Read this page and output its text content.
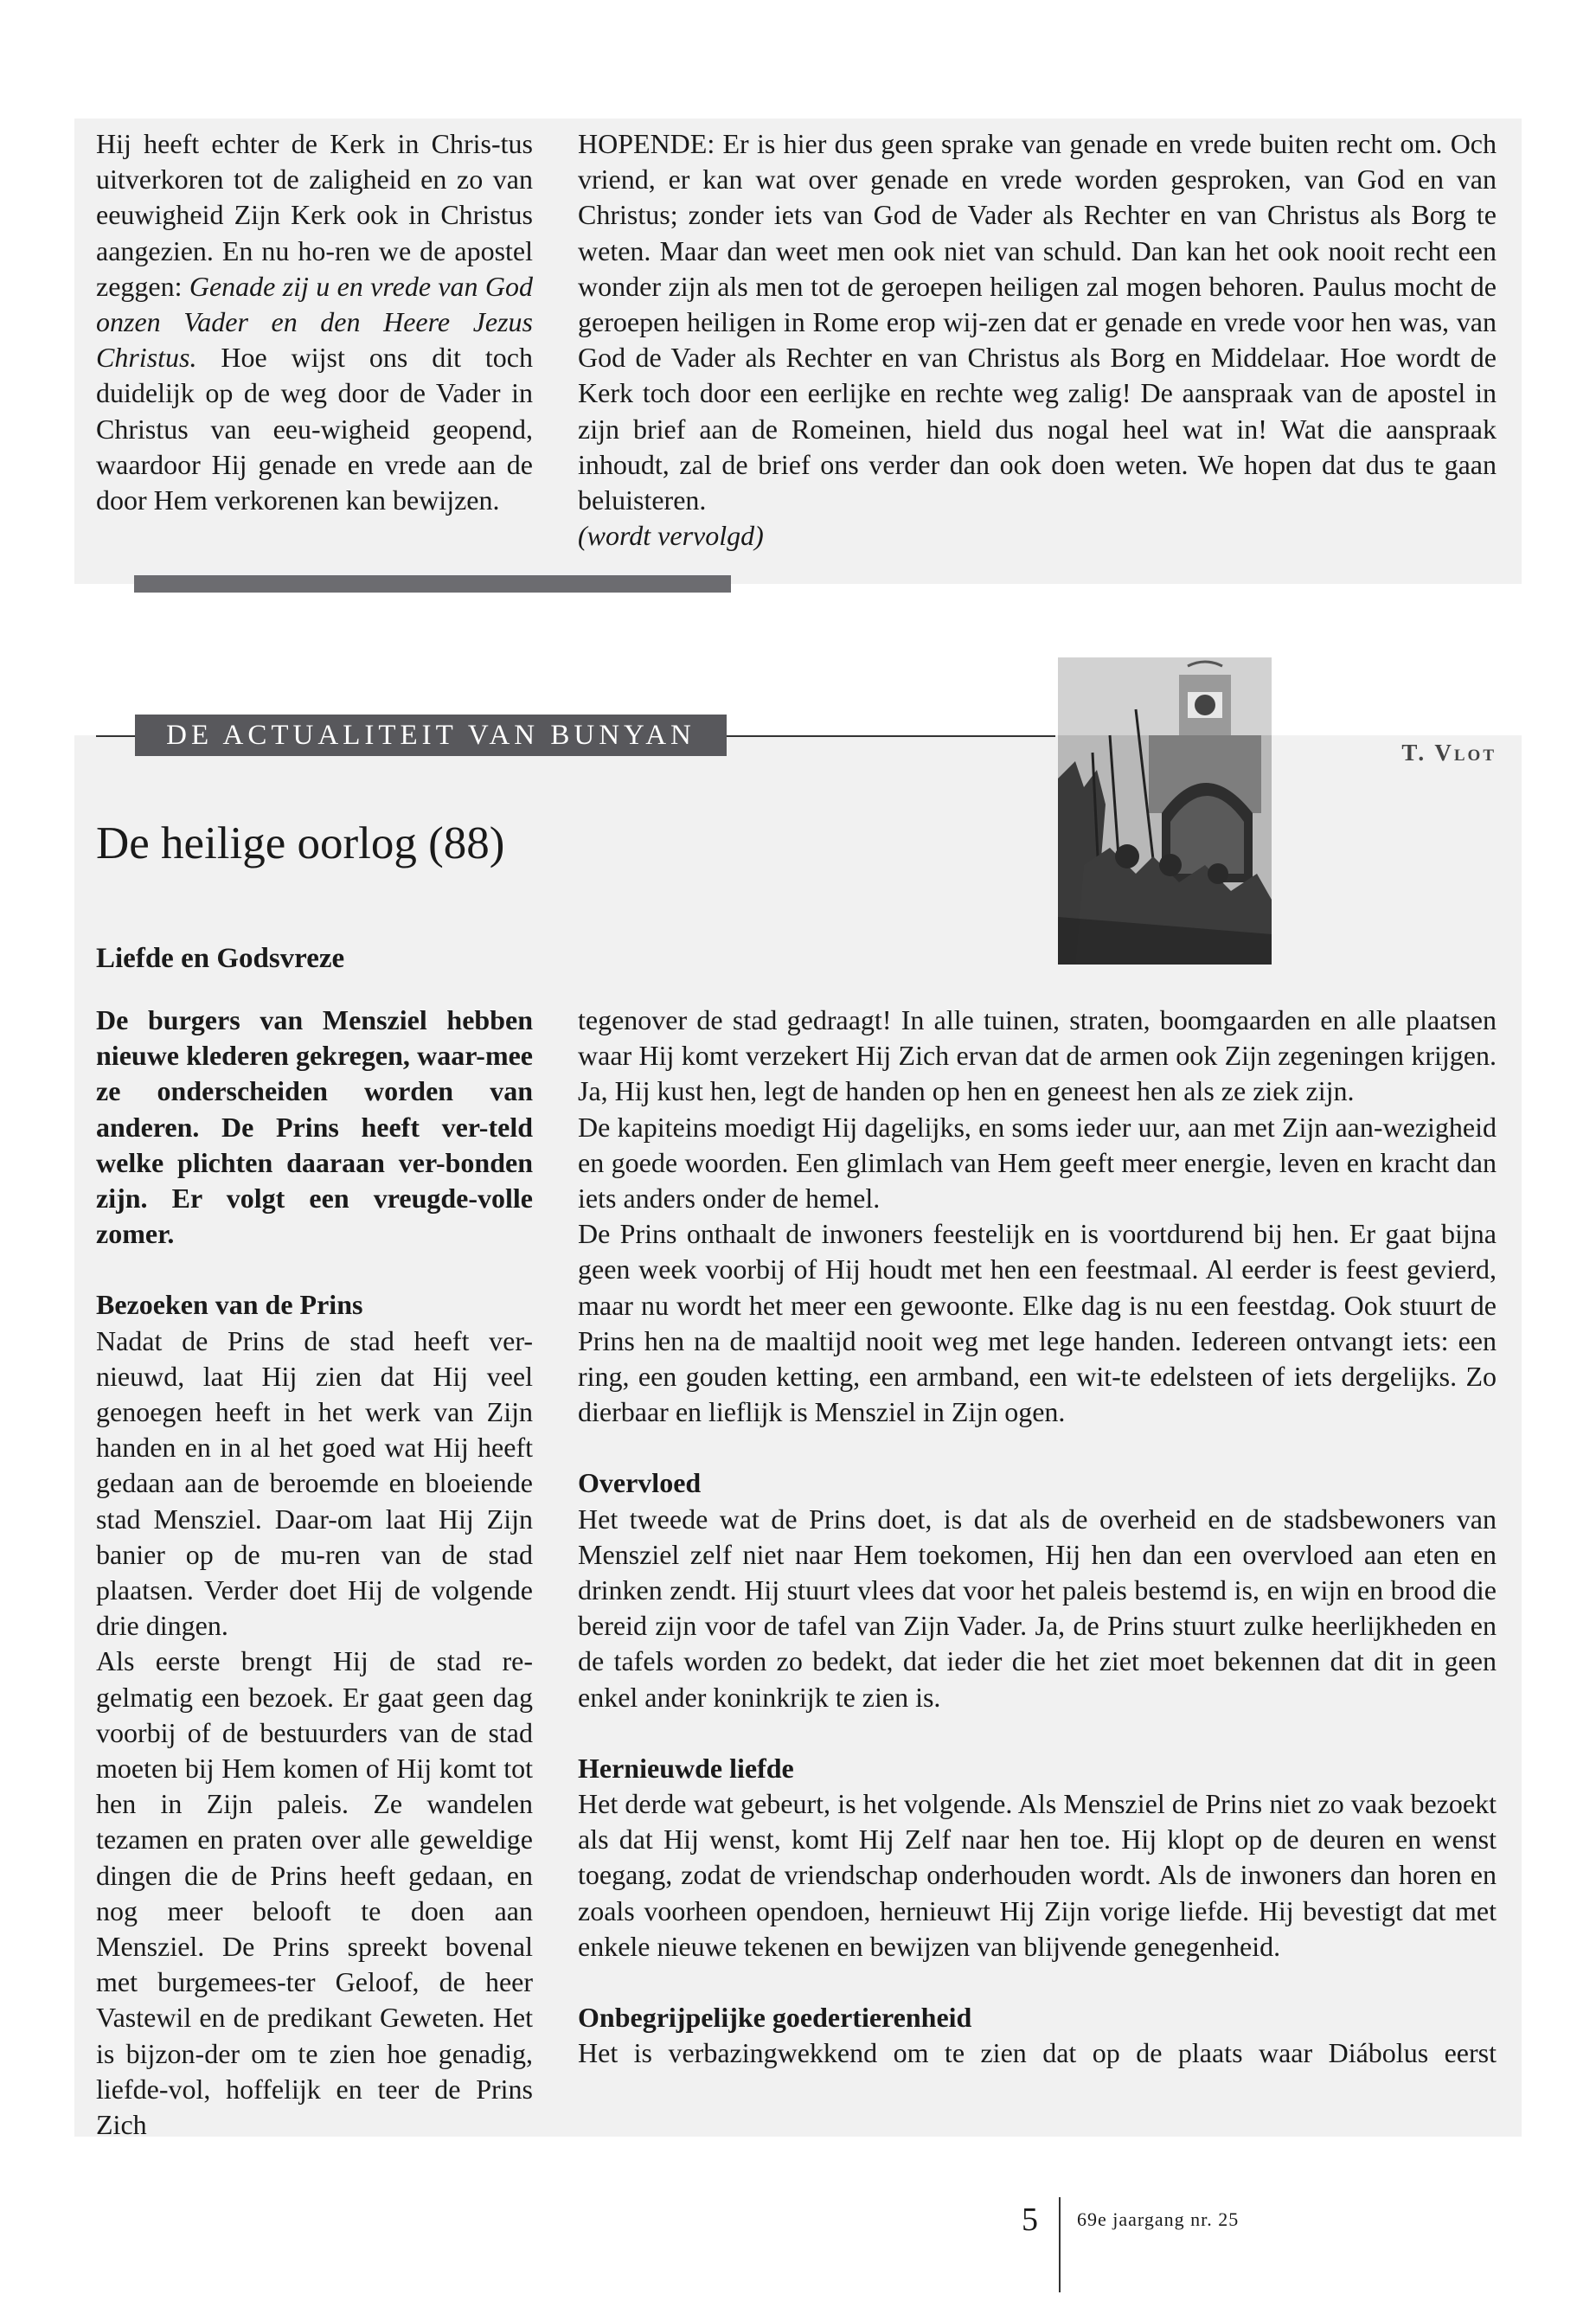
Hij heeft echter de Kerk in Chris-tus uitverkoren tot de zaligheid en zo van eeuwigheid Zijn Kerk ook in Christus aangezien. En nu ho-ren we de apostel zeggen: Genade zij u en vrede van God onzen Vader en den Heere Jezus Christus. Hoe wijst ons dit toch duidelijk op de weg door de Vader in Christus van eeu-wigheid geopend, waardoor Hij genade en vrede aan de door Hem verkorenen kan bewijzen.

HOPENDE: Er is hier dus geen sprake van genade en vrede buiten recht om. Och vriend, er kan wat over genade en vrede worden gesproken, van God en van Christus; zonder iets van God de Vader als Rechter en van Christus als Borg te weten. Maar dan weet men ook niet van schuld. Dan kan het ook nooit recht een wonder zijn als men tot de geroepen heiligen zal mogen behoren. Paulus mocht de geroepen heiligen in Rome erop wij-zen dat er genade en vrede voor hen was, van God de Vader als Rechter en van Christus als Borg en Middelaar. Hoe wordt de Kerk toch door een eerlijke en rechte weg zalig! De aanspraak van de apostel in zijn brief aan de Romeinen, hield dus nogal heel wat in! Wat die aanspraak inhoudt, zal de brief ons verder dan ook doen weten. We hopen dat dus te gaan beluisteren.

(wordt vervolgd)

DE ACTUALITEIT VAN BUNYAN
T. Vlot
De heilige oorlog (88)
Liefde en Godsvreze

De burgers van Mensziel hebben nieuwe klederen gekregen, waar-mee ze onderscheiden worden van anderen. De Prins heeft ver-teld welke plichten daaraan ver-bonden zijn. Er volgt een vreugde-volle zomer.

Bezoeken van de Prins

Nadat de Prins de stad heeft ver-nieuwd, laat Hij zien dat Hij veel genoegen heeft in het werk van Zijn handen en in al het goed wat Hij heeft gedaan aan de beroemde en bloeiende stad Mensziel. Daar-om laat Hij Zijn banier op de mu-ren van de stad plaatsen. Verder doet Hij de volgende drie dingen.

Als eerste brengt Hij de stad re-gelmatig een bezoek. Er gaat geen dag voorbij of de bestuurders van de stad moeten bij Hem komen of Hij komt tot hen in Zijn paleis. Ze wandelen tezamen en praten over alle geweldige dingen die de Prins heeft gedaan, en nog meer belooft te doen aan Mensziel. De Prins spreekt bovenal met burgemees-ter Geloof, de heer Vastewil en de predikant Geweten. Het is bijzon-der om te zien hoe genadig, liefde-vol, hoffelijk en teer de Prins Zich

tegenover de stad gedraagt! In alle tuinen, straten, boomgaarden en alle plaatsen waar Hij komt verzekert Hij Zich ervan dat de armen ook Zijn zegeningen krijgen. Ja, Hij kust hen, legt de handen op hen en geneest hen als ze ziek zijn.

De kapiteins moedigt Hij dagelijks, en soms ieder uur, aan met Zijn aan-wezigheid en goede woorden. Een glimlach van Hem geeft meer energie, leven en kracht dan iets anders onder de hemel.

De Prins onthaalt de inwoners feestelijk en is voortdurend bij hen. Er gaat bijna geen week voorbij of Hij houdt met hen een feestmaal. Al eerder is feest gevierd, maar nu wordt het meer een gewoonte. Elke dag is nu een feestdag. Ook stuurt de Prins hen na de maaltijd nooit weg met lege handen. Iedereen ontvangt iets: een ring, een gouden ketting, een armband, een wit-te edelsteen of iets dergelijks. Zo dierbaar en lieflijk is Mensziel in Zijn ogen.

Overvloed

Het tweede wat de Prins doet, is dat als de overheid en de stadsbewoners van Mensziel zelf niet naar Hem toekomen, Hij hen dan een overvloed aan eten en drinken zendt. Hij stuurt vlees dat voor het paleis bestemd is, en wijn en brood die bereid zijn voor de tafel van Zijn Vader. Ja, de Prins stuurt zulke heerlijkheden en de tafels worden zo bedekt, dat ieder die het ziet moet bekennen dat dit in geen enkel ander koninkrijk te zien is.

Hernieuwde liefde

Het derde wat gebeurt, is het volgende. Als Mensziel de Prins niet zo vaak bezoekt als dat Hij wenst, komt Hij Zelf naar hen toe. Hij klopt op de deuren en wenst toegang, zodat de vriendschap onderhouden wordt. Als de inwoners dan horen en zoals voorheen opendoen, hernieuwt Hij Zijn vorige liefde. Hij bevestigt dat met enkele nieuwe tekenen en bewijzen van blijvende genegenheid.

Onbegrijpelijke goedertierenheid

Het is verbazingwekkend om te zien dat op de plaats waar Diábolus eerst

5 69e jaargang nr. 25
